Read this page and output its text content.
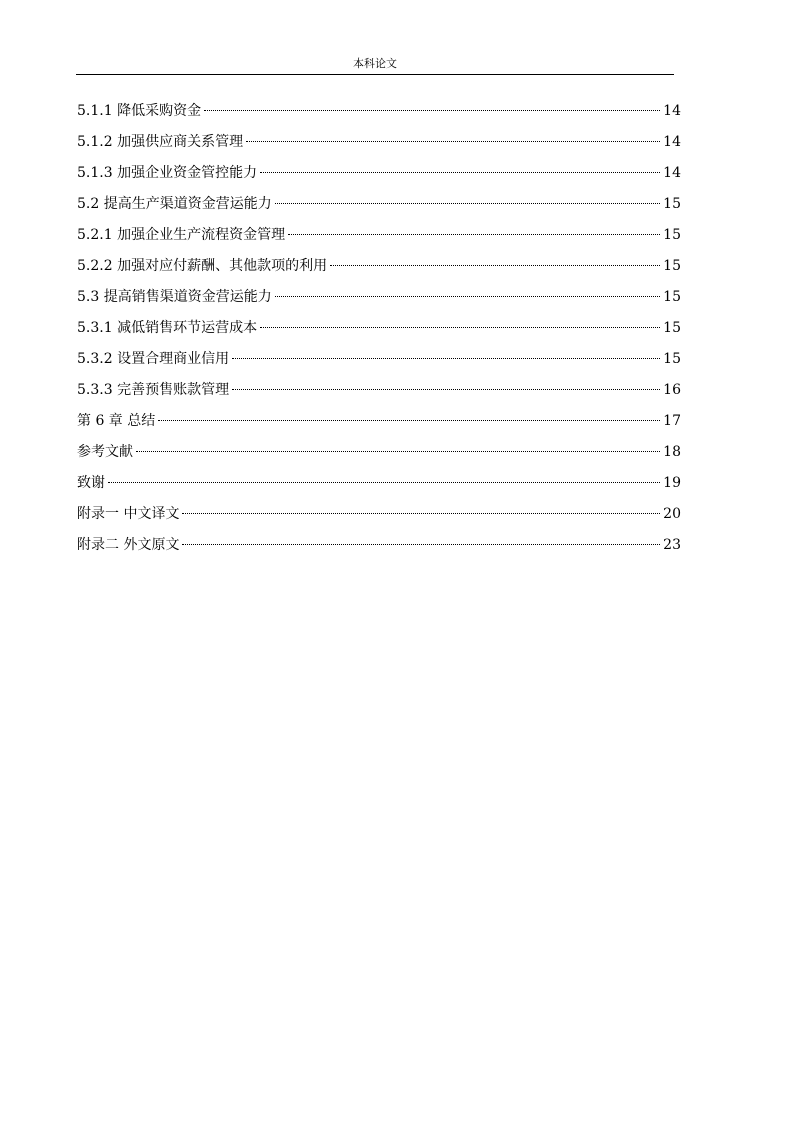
本科论文
5.1.1 降低采购资金	14
5.1.2 加强供应商关系管理	14
5.1.3 加强企业资金管控能力	14
5.2 提高生产渠道资金营运能力	15
5.2.1 加强企业生产流程资金管理	15
5.2.2 加强对应付薪酬、其他款项的利用	15
5.3 提高销售渠道资金营运能力	15
5.3.1 减低销售环节运营成本	15
5.3.2 设置合理商业信用	15
5.3.3 完善预售账款管理	16
第 6 章 总结	17
参考文献	18
致谢	19
附录一 中文译文	20
附录二 外文原文	23
